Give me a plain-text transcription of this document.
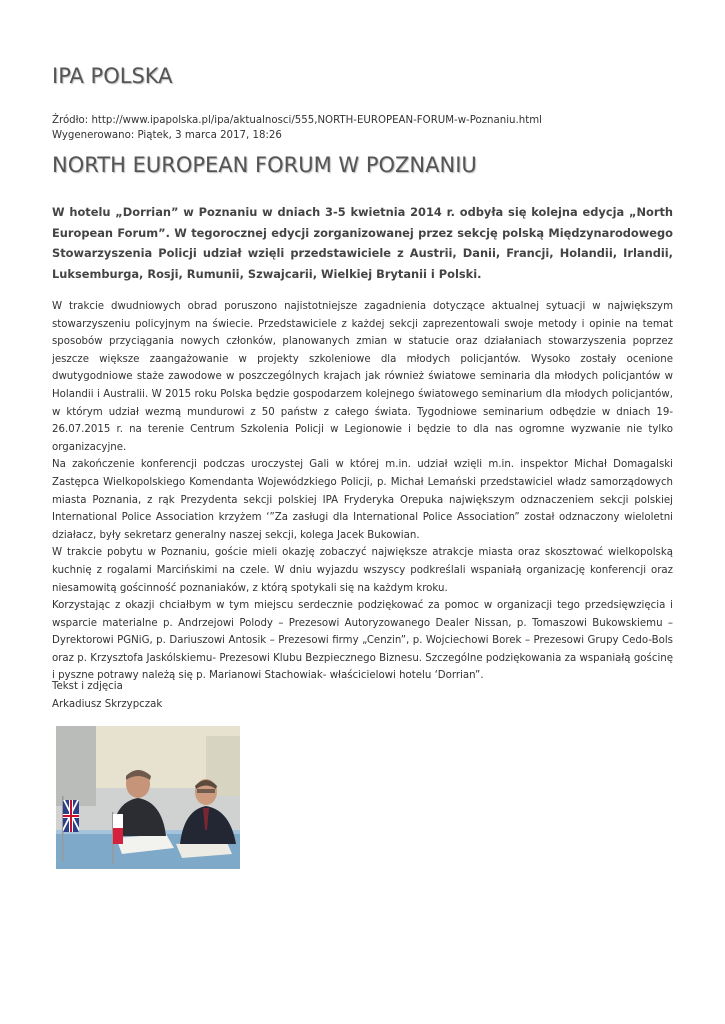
IPA POLSKA
Źródło: http://www.ipapolska.pl/ipa/aktualnosci/555,NORTH-EUROPEAN-FORUM-w-Poznaniu.html
Wygenerowano: Piątek, 3 marca 2017, 18:26
NORTH EUROPEAN FORUM W POZNANIU

W hotelu „Dorrian” w Poznaniu w dniach 3-5 kwietnia 2014 r. odbyła się kolejna edycja „North European Forum”. W tegorocznej edycji zorganizowanej przez sekcję polską Międzynarodowego Stowarzyszenia Policji udział wzięli przedstawiciele z Austrii, Danii, Francji, Holandii, Irlandii, Luksemburga, Rosji, Rumunii, Szwajcarii, Wielkiej Brytanii i Polski.

W trakcie dwudniowych obrad poruszono najistotniejsze zagadnienia dotyczące aktualnej sytuacji w największym stowarzyszeniu policyjnym na świecie. Przedstawiciele z każdej sekcji zaprezentowali swoje metody i opinie na temat sposobów przyciągania nowych członków, planowanych zmian w statucie oraz działaniach stowarzyszenia poprzez jeszcze większe zaangażowanie w projekty szkoleniowe dla młodych policjantów. Wysoko zostały ocenione dwutygodniowe staże zawodowe w poszczególnych krajach jak również światowe seminaria dla młodych policjantów w Holandii i Australii. W 2015 roku Polska będzie gospodarzem kolejnego światowego seminarium dla młodych policjantów, w którym udział wezmą mundurowi z 50 państw z całego świata. Tygodniowe seminarium odbędzie w dniach 19-26.07.2015 r. na terenie Centrum Szkolenia Policji w Legionowie i będzie to dla nas ogromne wyzwanie nie tylko organizacyjne.

Na zakończenie konferencji podczas uroczystej Gali w której m.in. udział wzięli m.in. inspektor Michał Domagalski Zastępca Wielkopolskiego Komendanta Wojewódzkiego Policji, p. Michał Lemański przedstawiciel władz samorządowych miasta Poznania, z rąk Prezydenta sekcji polskiej IPA Fryderyka Orepuka największym odznaczeniem sekcji polskiej International Police Association krzyżem ‘”Za zasługi dla International Police Association” został odznaczony wieloletni działacz, były sekretarz generalny naszej sekcji, kolega Jacek Bukowian.

W trakcie pobytu w Poznaniu, goście mieli okazję zobaczyć największe atrakcje miasta oraz skosztować wielkopolską kuchnię z rogalami Marcińskimi na czele. W dniu wyjazdu wszyscy podkreślali wspaniałą organizację konferencji oraz niesamowitą gościnność poznaniaków, z którą spotykali się na każdym kroku.

Korzystając z okazji chciałbym w tym miejscu serdecznie podziękować za pomoc w organizacji tego przedsięwzięcia i wsparcie materialne p. Andrzejowi Polody – Prezesowi Autoryzowanego Dealer Nissan, p. Tomaszowi Bukowskiemu – Dyrektorowi PGNiG, p. Dariuszowi Antosik – Prezesowi firmy „Cenzin”, p. Wojciechowi Borek – Prezesowi Grupy Cedo-Bols oraz p. Krzysztofa Jaskólskiemu- Prezesowi Klubu Bezpiecznego Biznesu. Szczególne podziękowania za wspaniałą gościnę i pyszne potrawy należą się p. Marianowi Stachowiak- właścicielowi hotelu ‘Dorrian”.

Tekst i zdjęcia
Arkadiusz Skrzypczak
